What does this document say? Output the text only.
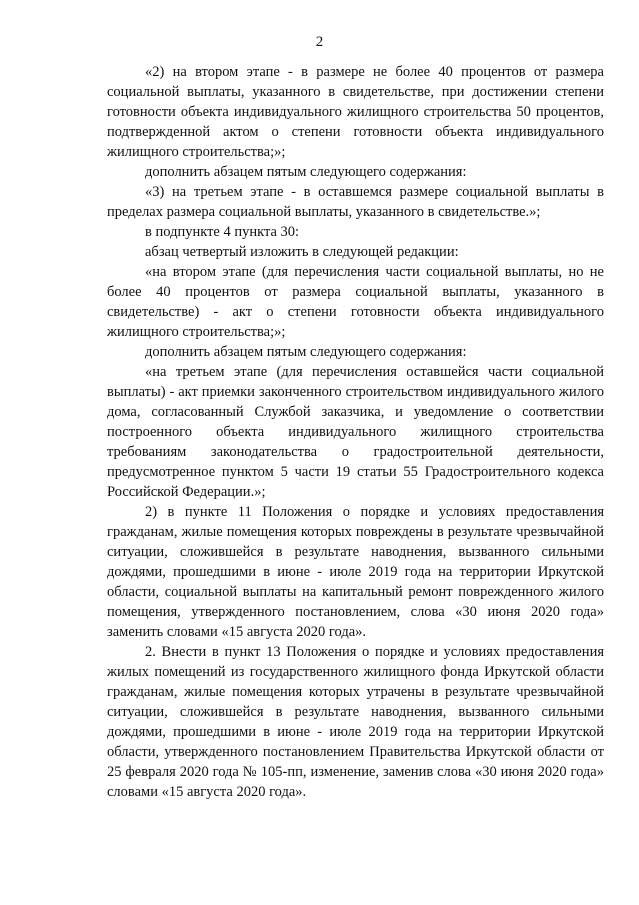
2

«2) на втором этапе - в размере не более 40 процентов от размера социальной выплаты, указанного в свидетельстве, при достижении степени готовности объекта индивидуального жилищного строительства 50 процентов, подтвержденной актом о степени готовности объекта индивидуального жилищного строительства;»;

дополнить абзацем пятым следующего содержания:

«3) на третьем этапе - в оставшемся размере социальной выплаты в пределах размера социальной выплаты, указанного в свидетельстве.»;

в подпункте 4 пункта 30:

абзац четвертый изложить в следующей редакции:

«на втором этапе (для перечисления части социальной выплаты, но не более 40 процентов от размера социальной выплаты, указанного в свидетельстве) - акт о степени готовности объекта индивидуального жилищного строительства;»;

дополнить абзацем пятым следующего содержания:

«на третьем этапе (для перечисления оставшейся части социальной выплаты) - акт приемки законченного строительством индивидуального жилого дома, согласованный Службой заказчика, и уведомление о соответствии построенного объекта индивидуального жилищного строительства требованиям законодательства о градостроительной деятельности, предусмотренное пунктом 5 части 19 статьи 55 Градостроительного кодекса Российской Федерации.»;

2) в пункте 11 Положения о порядке и условиях предоставления гражданам, жилые помещения которых повреждены в результате чрезвычайной ситуации, сложившейся в результате наводнения, вызванного сильными дождями, прошедшими в июне - июле 2019 года на территории Иркутской области, социальной выплаты на капитальный ремонт поврежденного жилого помещения, утвержденного постановлением, слова «30 июня 2020 года» заменить словами «15 августа 2020 года».

2. Внести в пункт 13 Положения о порядке и условиях предоставления жилых помещений из государственного жилищного фонда Иркутской области гражданам, жилые помещения которых утрачены в результате чрезвычайной ситуации, сложившейся в результате наводнения, вызванного сильными дождями, прошедшими в июне - июле 2019 года на территории Иркутской области, утвержденного постановлением Правительства Иркутской области от 25 февраля 2020 года № 105-пп, изменение, заменив слова «30 июня 2020 года» словами «15 августа 2020 года».
